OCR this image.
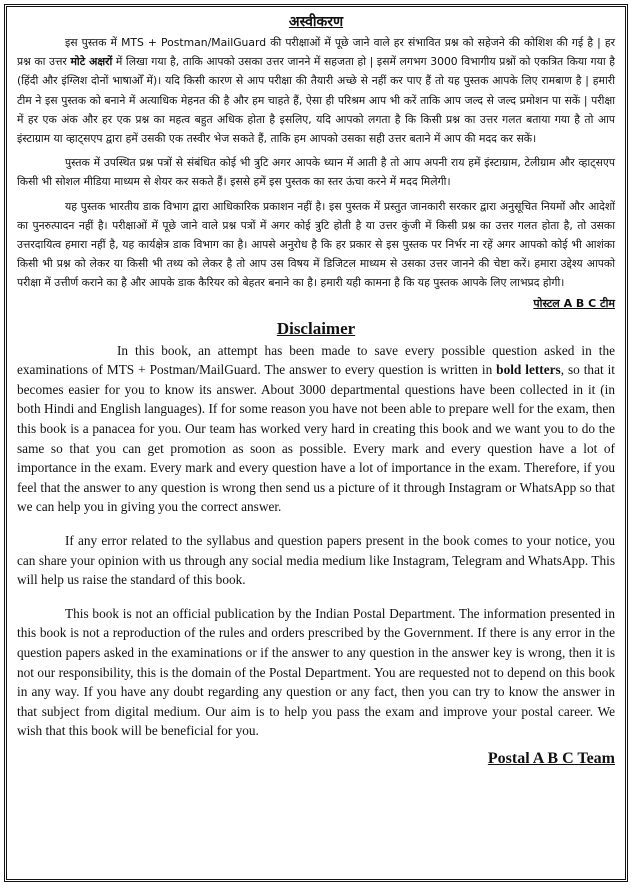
अस्वीकरण

इस पुस्तक में MTS + Postman/MailGuard की परीक्षाओं में पूछे जाने वाले हर संभावित प्रश्न को सहेजने की कोशिश की गई है | हर प्रश्न का उत्तर मोटे अक्षरों में लिखा गया है, ताकि आपको उसका उत्तर जानने में सहजता हो | इसमें लगभग 3000 विभागीय प्रश्नों को एकत्रित किया गया है (हिंदी और इंग्लिश दोनों भाषाओँ में)। यदि किसी कारण से आप परीक्षा की तैयारी अच्छे से नहीं कर पाए हैं तो यह पुस्तक आपके लिए रामबाण है | हमारी टीम ने इस पुस्तक को बनाने में अत्याधिक मेहनत की है और हम चाहते हैं, ऐसा ही परिश्रम आप भी करें ताकि आप जल्द से जल्द प्रमोशन पा सकें | परीक्षा में हर एक अंक और हर एक प्रश्न का महत्व बहुत अधिक होता है इसलिए, यदि आपको लगता है कि किसी प्रश्न का उत्तर गलत बताया गया है तो आप इंस्टाग्राम या व्हाट्सएप द्वारा हमें उसकी एक तस्वीर भेज सकते हैं, ताकि हम आपको उसका सही उत्तर बताने में आप की मदद कर सकें।

पुस्तक में उपस्थित प्रश्न पत्रों से संबंधित कोई भी त्रुटि अगर आपके ध्यान में आती है तो आप अपनी राय हमें इंस्टाग्राम, टेलीग्राम और व्हाट्सएप किसी भी सोशल मीडिया माध्यम से शेयर कर सकते हैं। इससे हमें इस पुस्तक का स्तर ऊंचा करने में मदद मिलेगी।

यह पुस्तक भारतीय डाक विभाग द्वारा आधिकारिक प्रकाशन नहीं है। इस पुस्तक में प्रस्तुत जानकारी सरकार द्वारा अनुसूचित नियमों और आदेशों का पुनरुत्पादन नहीं है। परीक्षाओं में पूछे जाने वाले प्रश्न पत्रों में अगर कोई त्रुटि होती है या उत्तर कुंजी में किसी प्रश्न का उत्तर गलत होता है, तो उसका उत्तरदायित्व हमारा नहीं है, यह कार्यक्षेत्र डाक विभाग का है। आपसे अनुरोध है कि हर प्रकार से इस पुस्तक पर निर्भर ना रहें अगर आपको कोई भी आशंका किसी भी प्रश्न को लेकर या किसी भी तथ्य को लेकर है तो आप उस विषय में डिजिटल माध्यम से उसका उत्तर जानने की चेष्टा करें। हमारा उद्देश्य आपको परीक्षा में उत्तीर्ण कराने का है और आपके डाक कैरियर को बेहतर बनाने का है। हमारी यही कामना है कि यह पुस्तक आपके लिए लाभप्रद होगी।

पोस्टल A B C टीम

Disclaimer

In this book, an attempt has been made to save every possible question asked in the examinations of MTS + Postman/MailGuard. The answer to every question is written in bold letters, so that it becomes easier for you to know its answer. About 3000 departmental questions have been collected in it (in both Hindi and English languages). If for some reason you have not been able to prepare well for the exam, then this book is a panacea for you. Our team has worked very hard in creating this book and we want you to do the same so that you can get promotion as soon as possible. Every mark and every question have a lot of importance in the exam. Every mark and every question have a lot of importance in the exam. Therefore, if you feel that the answer to any question is wrong then send us a picture of it through Instagram or WhatsApp so that we can help you in giving you the correct answer.

If any error related to the syllabus and question papers present in the book comes to your notice, you can share your opinion with us through any social media medium like Instagram, Telegram and WhatsApp. This will help us raise the standard of this book.

This book is not an official publication by the Indian Postal Department. The information presented in this book is not a reproduction of the rules and orders prescribed by the Government. If there is any error in the question papers asked in the examinations or if the answer to any question in the answer key is wrong, then it is not our responsibility, this is the domain of the Postal Department. You are requested not to depend on this book in any way. If you have any doubt regarding any question or any fact, then you can try to know the answer in that subject from digital medium. Our aim is to help you pass the exam and improve your postal career. We wish that this book will be beneficial for you.

Postal A B C Team
